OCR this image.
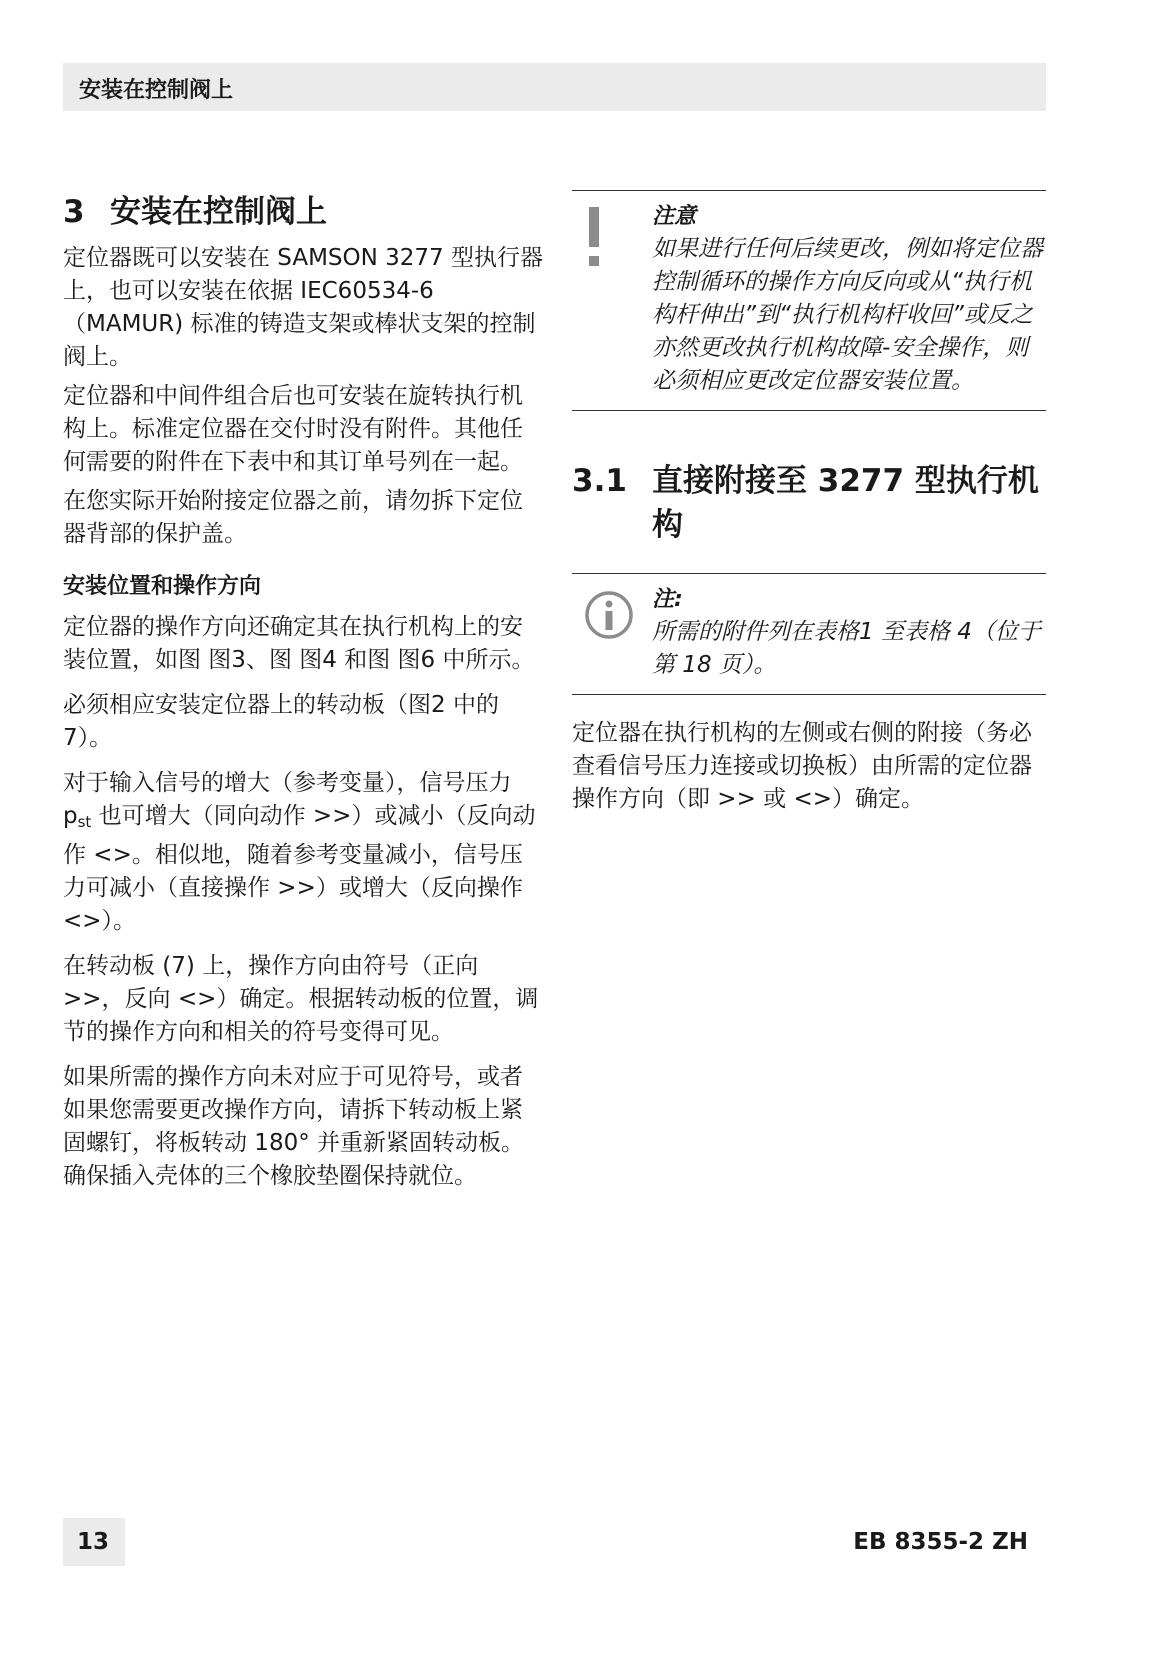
安装在控制阀上
3 安装在控制阀上

定位器既可以安装在 SAMSON 3277 型执行器上，也可以安装在依据 IEC60534-6（MAMUR) 标准的铸造支架或棒状支架的控制阀上。

定位器和中间件组合后也可安装在旋转执行机构上。标准定位器在交付时没有附件。其他任何需要的附件在下表中和其订单号列在一起。

在您实际开始附接定位器之前，请勿拆下定位器背部的保护盖。

安装位置和操作方向

定位器的操作方向还确定其在执行机构上的安装位置，如图 图3、图 图4 和图 图6 中所示。

必须相应安装定位器上的转动板（图2 中的 7）。

对于输入信号的增大（参考变量），信号压力 $p_{st}$ 也可增大（同向动作 >>）或减小（反向动作 <>。相似地，随着参考变量减小，信号压力可减小（直接操作 >>）或增大（反向操作 <>）。

在转动板 (7) 上，操作方向由符号（正向 >>，反向 <>）确定。根据转动板的位置，调节的操作方向和相关的符号变得可见。

如果所需的操作方向未对应于可见符号，或者如果您需要更改操作方向，请拆下转动板上紧固螺钉，将板转动 180° 并重新紧固转动板。确保插入壳体的三个橡胶垫圈保持就位。

注意
如果进行任何后续更改，例如将定位器控制循环的操作方向反向或从“执行机构杆伸出”到“执行机构杆收回”或反之亦然更改执行机构故障-安全操作，则必须相应更改定位器安装位置。
3.1 直接附接至 3277 型执行机构
注:
所需的附件列在表格1 至表格 4（位于第 18 页）。

定位器在执行机构的左侧或右侧的附接（务必查看信号压力连接或切换板）由所需的定位器操作方向（即 >> 或 <>）确定。

13	EB 8355-2 ZH
